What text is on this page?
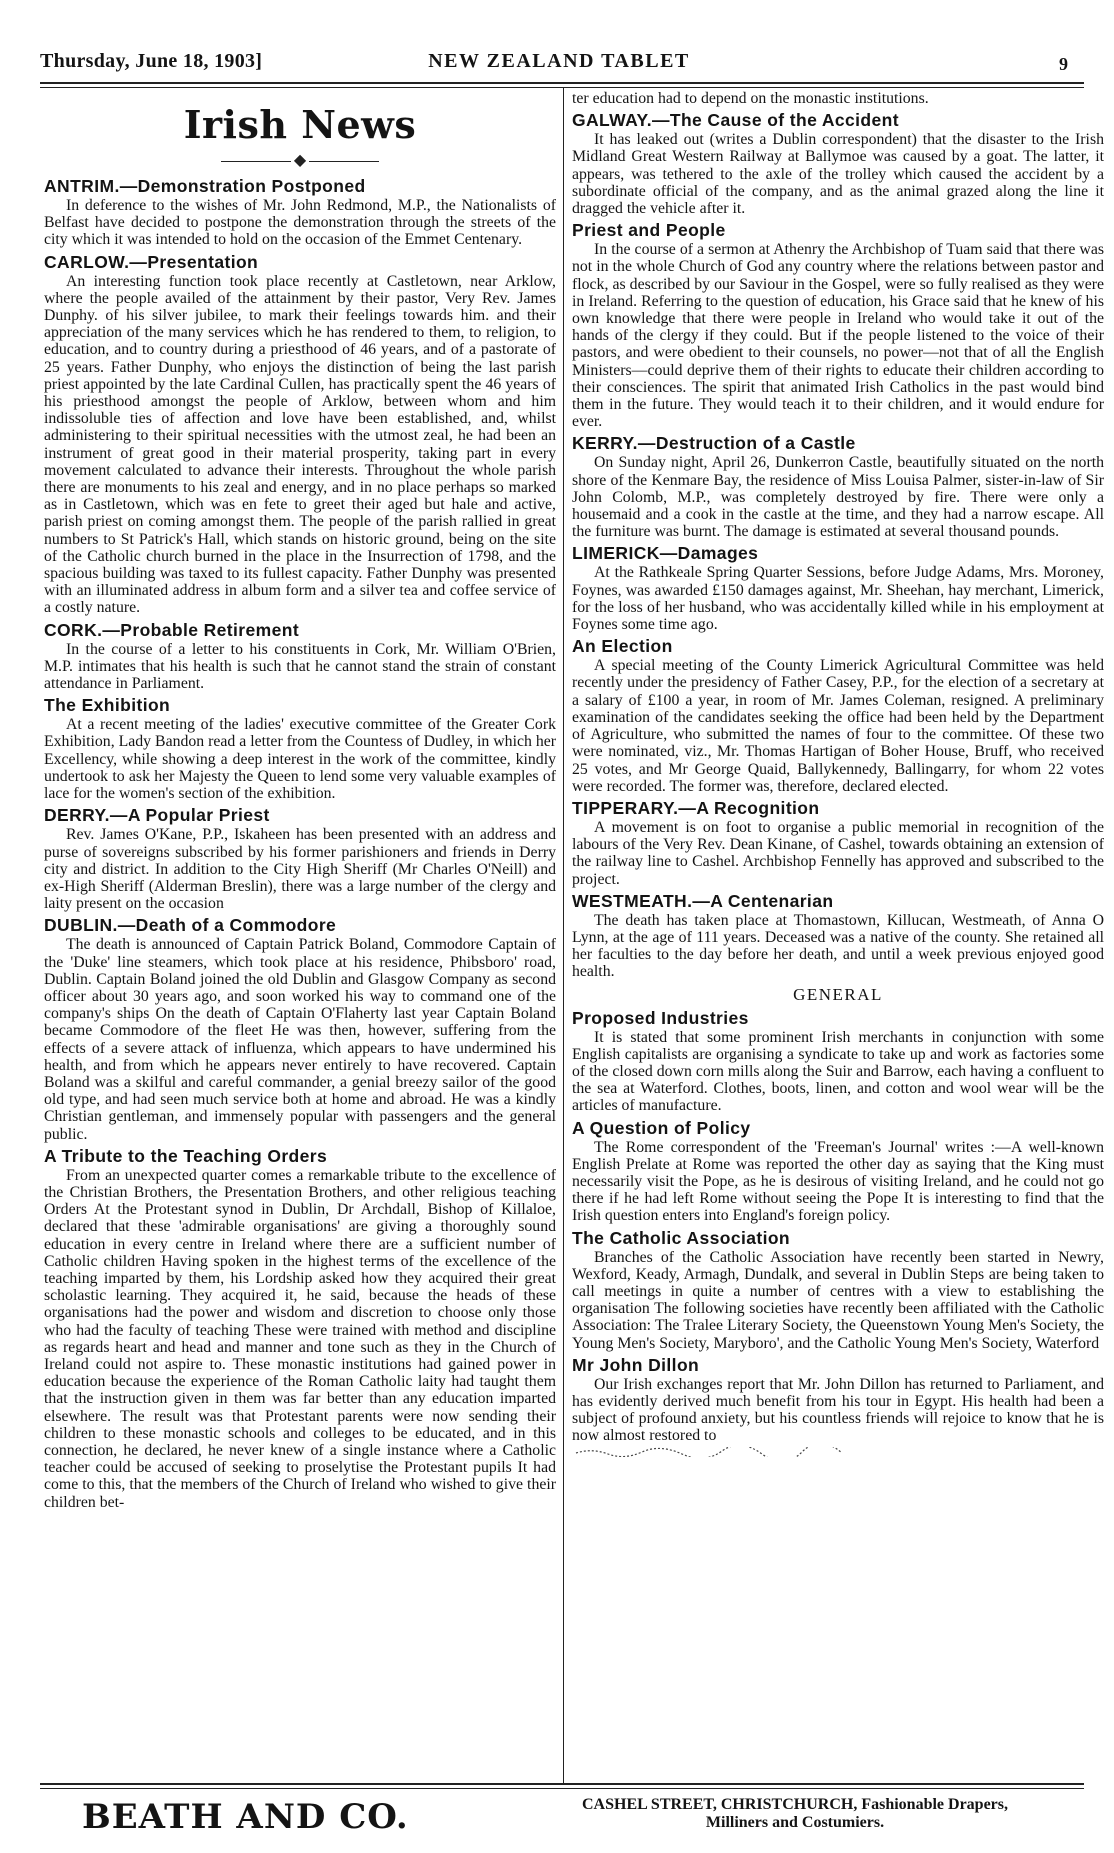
Thursday, June 18, 1903]	NEW ZEALAND TABLET	9
Irish News
◆
ANTRIM.—Demonstration Postponed

In deference to the wishes of Mr. John Redmond, M.P., the Nationalists of Belfast have decided to postpone the demonstration through the streets of the city which it was intended to hold on the occasion of the Emmet Centenary.

CARLOW.—Presentation

An interesting function took place recently at Castletown, near Arklow, where the people availed of the attainment by their pastor, Very Rev. James Dunphy. of his silver jubilee, to mark their feelings towards him. and their appreciation of the many services which he has rendered to them, to religion, to education, and to country during a priesthood of 46 years, and of a pastorate of 25 years. Father Dunphy, who enjoys the distinction of being the last parish priest appointed by the late Cardinal Cullen, has practically spent the 46 years of his priesthood amongst the people of Arklow, between whom and him indissoluble ties of affection and love have been established, and, whilst administering to their spiritual necessities with the utmost zeal, he had been an instrument of great good in their material prosperity, taking part in every movement calculated to advance their interests. Throughout the whole parish there are monuments to his zeal and energy, and in no place perhaps so marked as in Castletown, which was en fete to greet their aged but hale and active, parish priest on coming amongst them. The people of the parish rallied in great numbers to St Patrick's Hall, which stands on historic ground, being on the site of the Catholic church burned in the place in the Insurrection of 1798, and the spacious building was taxed to its fullest capacity. Father Dunphy was presented with an illuminated address in album form and a silver tea and coffee service of a costly nature.

CORK.—Probable Retirement

In the course of a letter to his constituents in Cork, Mr. William O'Brien, M.P. intimates that his health is such that he cannot stand the strain of constant attendance in Parliament.

The Exhibition

At a recent meeting of the ladies' executive committee of the Greater Cork Exhibition, Lady Bandon read a letter from the Countess of Dudley, in which her Excellency, while showing a deep interest in the work of the committee, kindly undertook to ask her Majesty the Queen to lend some very valuable examples of lace for the women's section of the exhibition.

DERRY.—A Popular Priest

Rev. James O'Kane, P.P., Iskaheen has been presented with an address and purse of sovereigns subscribed by his former parishioners and friends in Derry city and district. In addition to the City High Sheriff (Mr Charles O'Neill) and ex-High Sheriff (Alderman Breslin), there was a large number of the clergy and laity present on the occasion

DUBLIN.—Death of a Commodore

The death is announced of Captain Patrick Boland, Commodore Captain of the 'Duke' line steamers, which took place at his residence, Phibsboro' road, Dublin. Captain Boland joined the old Dublin and Glasgow Company as second officer about 30 years ago, and soon worked his way to command one of the company's ships On the death of Captain O'Flaherty last year Captain Boland became Commodore of the fleet He was then, however, suffering from the effects of a severe attack of influenza, which appears to have undermined his health, and from which he appears never entirely to have recovered. Captain Boland was a skilful and careful commander, a genial breezy sailor of the good old type, and had seen much service both at home and abroad. He was a kindly Christian gentleman, and immensely popular with passengers and the general public.

A Tribute to the Teaching Orders

From an unexpected quarter comes a remarkable tribute to the excellence of the Christian Brothers, the Presentation Brothers, and other religious teaching Orders At the Protestant synod in Dublin, Dr Archdall, Bishop of Killaloe, declared that these 'admirable organisations' are giving a thoroughly sound education in every centre in Ireland where there are a sufficient number of Catholic children Having spoken in the highest terms of the excellence of the teaching imparted by them, his Lordship asked how they acquired their great scholastic learning. They acquired it, he said, because the heads of these organisations had the power and wisdom and discretion to choose only those who had the faculty of teaching These were trained with method and discipline as regards heart and head and manner and tone such as they in the Church of Ireland could not aspire to. These monastic institutions had gained power in education because the experience of the Roman Catholic laity had taught them that the instruction given in them was far better than any education imparted elsewhere. The result was that Protestant parents were now sending their children to these monastic schools and colleges to be educated, and in this connection, he declared, he never knew of a single instance where a Catholic teacher could be accused of seeking to proselytise the Protestant pupils It had come to this, that the members of the Church of Ireland who wished to give their children bet-

ter education had to depend on the monastic institutions.

GALWAY.—The Cause of the Accident

It has leaked out (writes a Dublin correspondent) that the disaster to the Irish Midland Great Western Railway at Ballymoe was caused by a goat. The latter, it appears, was tethered to the axle of the trolley which caused the accident by a subordinate official of the company, and as the animal grazed along the line it dragged the vehicle after it.

Priest and People

In the course of a sermon at Athenry the Archbishop of Tuam said that there was not in the whole Church of God any country where the relations between pastor and flock, as described by our Saviour in the Gospel, were so fully realised as they were in Ireland. Referring to the question of education, his Grace said that he knew of his own knowledge that there were people in Ireland who would take it out of the hands of the clergy if they could. But if the people listened to the voice of their pastors, and were obedient to their counsels, no power—not that of all the English Ministers—could deprive them of their rights to educate their children according to their consciences. The spirit that animated Irish Catholics in the past would bind them in the future. They would teach it to their children, and it would endure for ever.

KERRY.—Destruction of a Castle

On Sunday night, April 26, Dunkerron Castle, beautifully situated on the north shore of the Kenmare Bay, the residence of Miss Louisa Palmer, sister-in-law of Sir John Colomb, M.P., was completely destroyed by fire. There were only a housemaid and a cook in the castle at the time, and they had a narrow escape. All the furniture was burnt. The damage is estimated at several thousand pounds.

LIMERICK—Damages

At the Rathkeale Spring Quarter Sessions, before Judge Adams, Mrs. Moroney, Foynes, was awarded £150 damages against, Mr. Sheehan, hay merchant, Limerick, for the loss of her husband, who was accidentally killed while in his employment at Foynes some time ago.

An Election

A special meeting of the County Limerick Agricultural Committee was held recently under the presidency of Father Casey, P.P., for the election of a secretary at a salary of £100 a year, in room of Mr. James Coleman, resigned. A preliminary examination of the candidates seeking the office had been held by the Department of Agriculture, who submitted the names of four to the committee. Of these two were nominated, viz., Mr. Thomas Hartigan of Boher House, Bruff, who received 25 votes, and Mr George Quaid, Ballykennedy, Ballingarry, for whom 22 votes were recorded. The former was, therefore, declared elected.

TIPPERARY.—A Recognition

A movement is on foot to organise a public memorial in recognition of the labours of the Very Rev. Dean Kinane, of Cashel, towards obtaining an extension of the railway line to Cashel. Archbishop Fennelly has approved and subscribed to the project.

WESTMEATH.—A Centenarian

The death has taken place at Thomastown, Killucan, Westmeath, of Anna O Lynn, at the age of 111 years. Deceased was a native of the county. She retained all her faculties to the day before her death, and until a week previous enjoyed good health.

GENERAL
Proposed Industries

It is stated that some prominent Irish merchants in conjunction with some English capitalists are organising a syndicate to take up and work as factories some of the closed down corn mills along the Suir and Barrow, each having a confluent to the sea at Waterford. Clothes, boots, linen, and cotton and wool wear will be the articles of manufacture.

A Question of Policy

The Rome correspondent of the 'Freeman's Journal' writes :—A well-known English Prelate at Rome was reported the other day as saying that the King must necessarily visit the Pope, as he is desirous of visiting Ireland, and he could not go there if he had left Rome without seeing the Pope It is interesting to find that the Irish question enters into England's foreign policy.

The Catholic Association

Branches of the Catholic Association have recently been started in Newry, Wexford, Keady, Armagh, Dundalk, and several in Dublin Steps are being taken to call meetings in quite a number of centres with a view to establishing the organisation The following societies have recently been affiliated with the Catholic Association: The Tralee Literary Society, the Queenstown Young Men's Society, the Young Men's Society, Maryboro', and the Catholic Young Men's Society, Waterford

Mr John Dillon

Our Irish exchanges report that Mr. John Dillon has returned to Parliament, and has evidently derived much benefit from his tour in Egypt. His health had been a subject of profound anxiety, but his countless friends will rejoice to know that he is now almost restored to

BEATH AND CO.	CASHEL STREET, CHRISTCHURCH, Fashionable Drapers,
Milliners and Costumiers.
